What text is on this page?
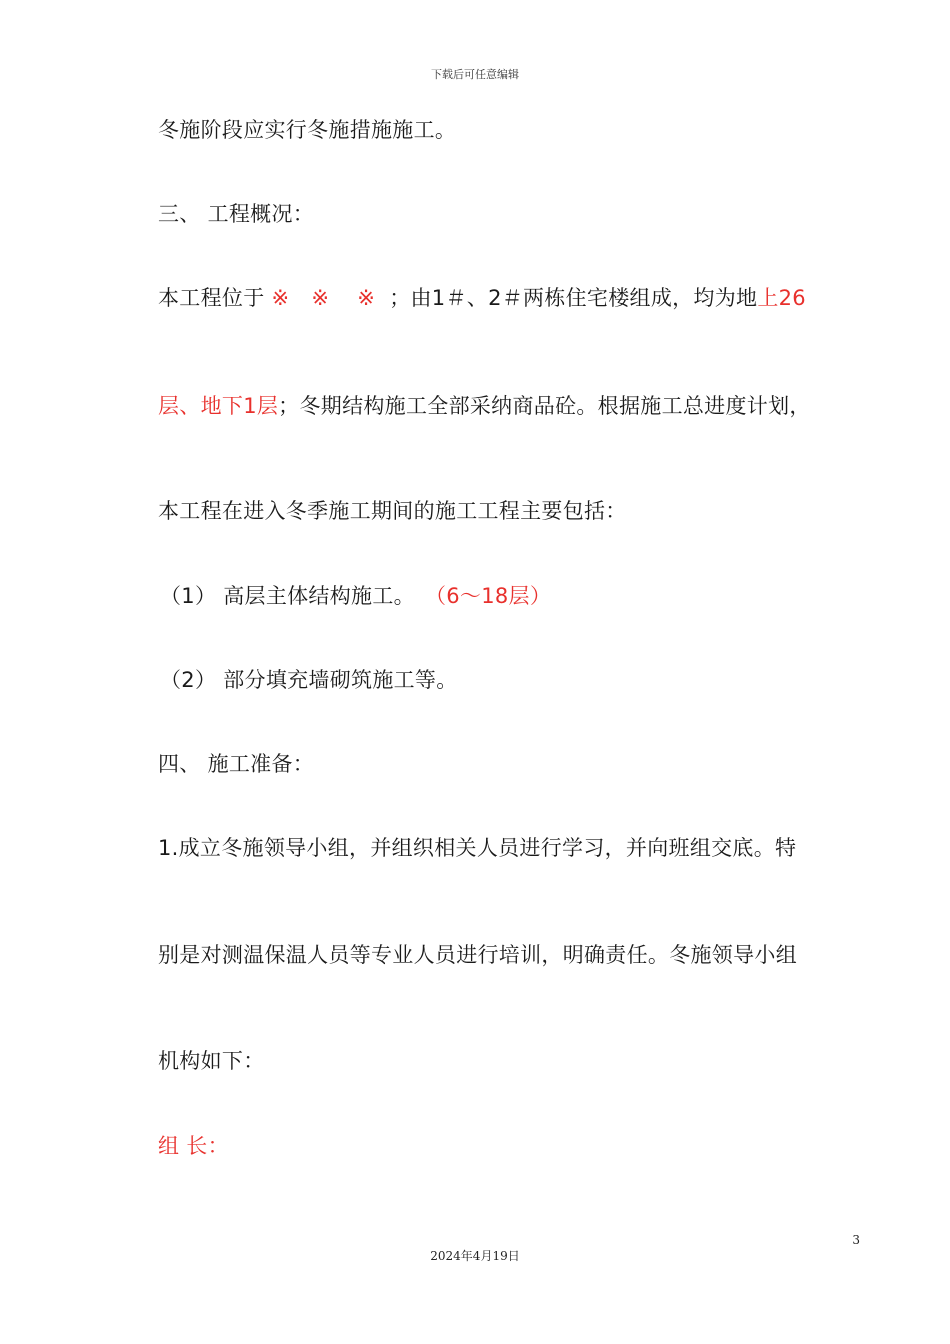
下载后可任意编辑
冬施阶段应实行冬施措施施工。
三、 工程概况：
本工程位于 ※ ※ ※ ；由1＃、2＃两栋住宅楼组成，均为地上26
层、地下1层；冬期结构施工全部采纳商品砼。根据施工总进度计划，
本工程在进入冬季施工期间的施工工程主要包括：
（1） 高层主体结构施工。 （6～18层）
（2） 部分填充墙砌筑施工等。
四、 施工准备：
1.成立冬施领导小组，并组织相关人员进行学习，并向班组交底。特
别是对测温保温人员等专业人员进行培训，明确责任。冬施领导小组
机构如下：
组 长：
3
2024年4月19日
